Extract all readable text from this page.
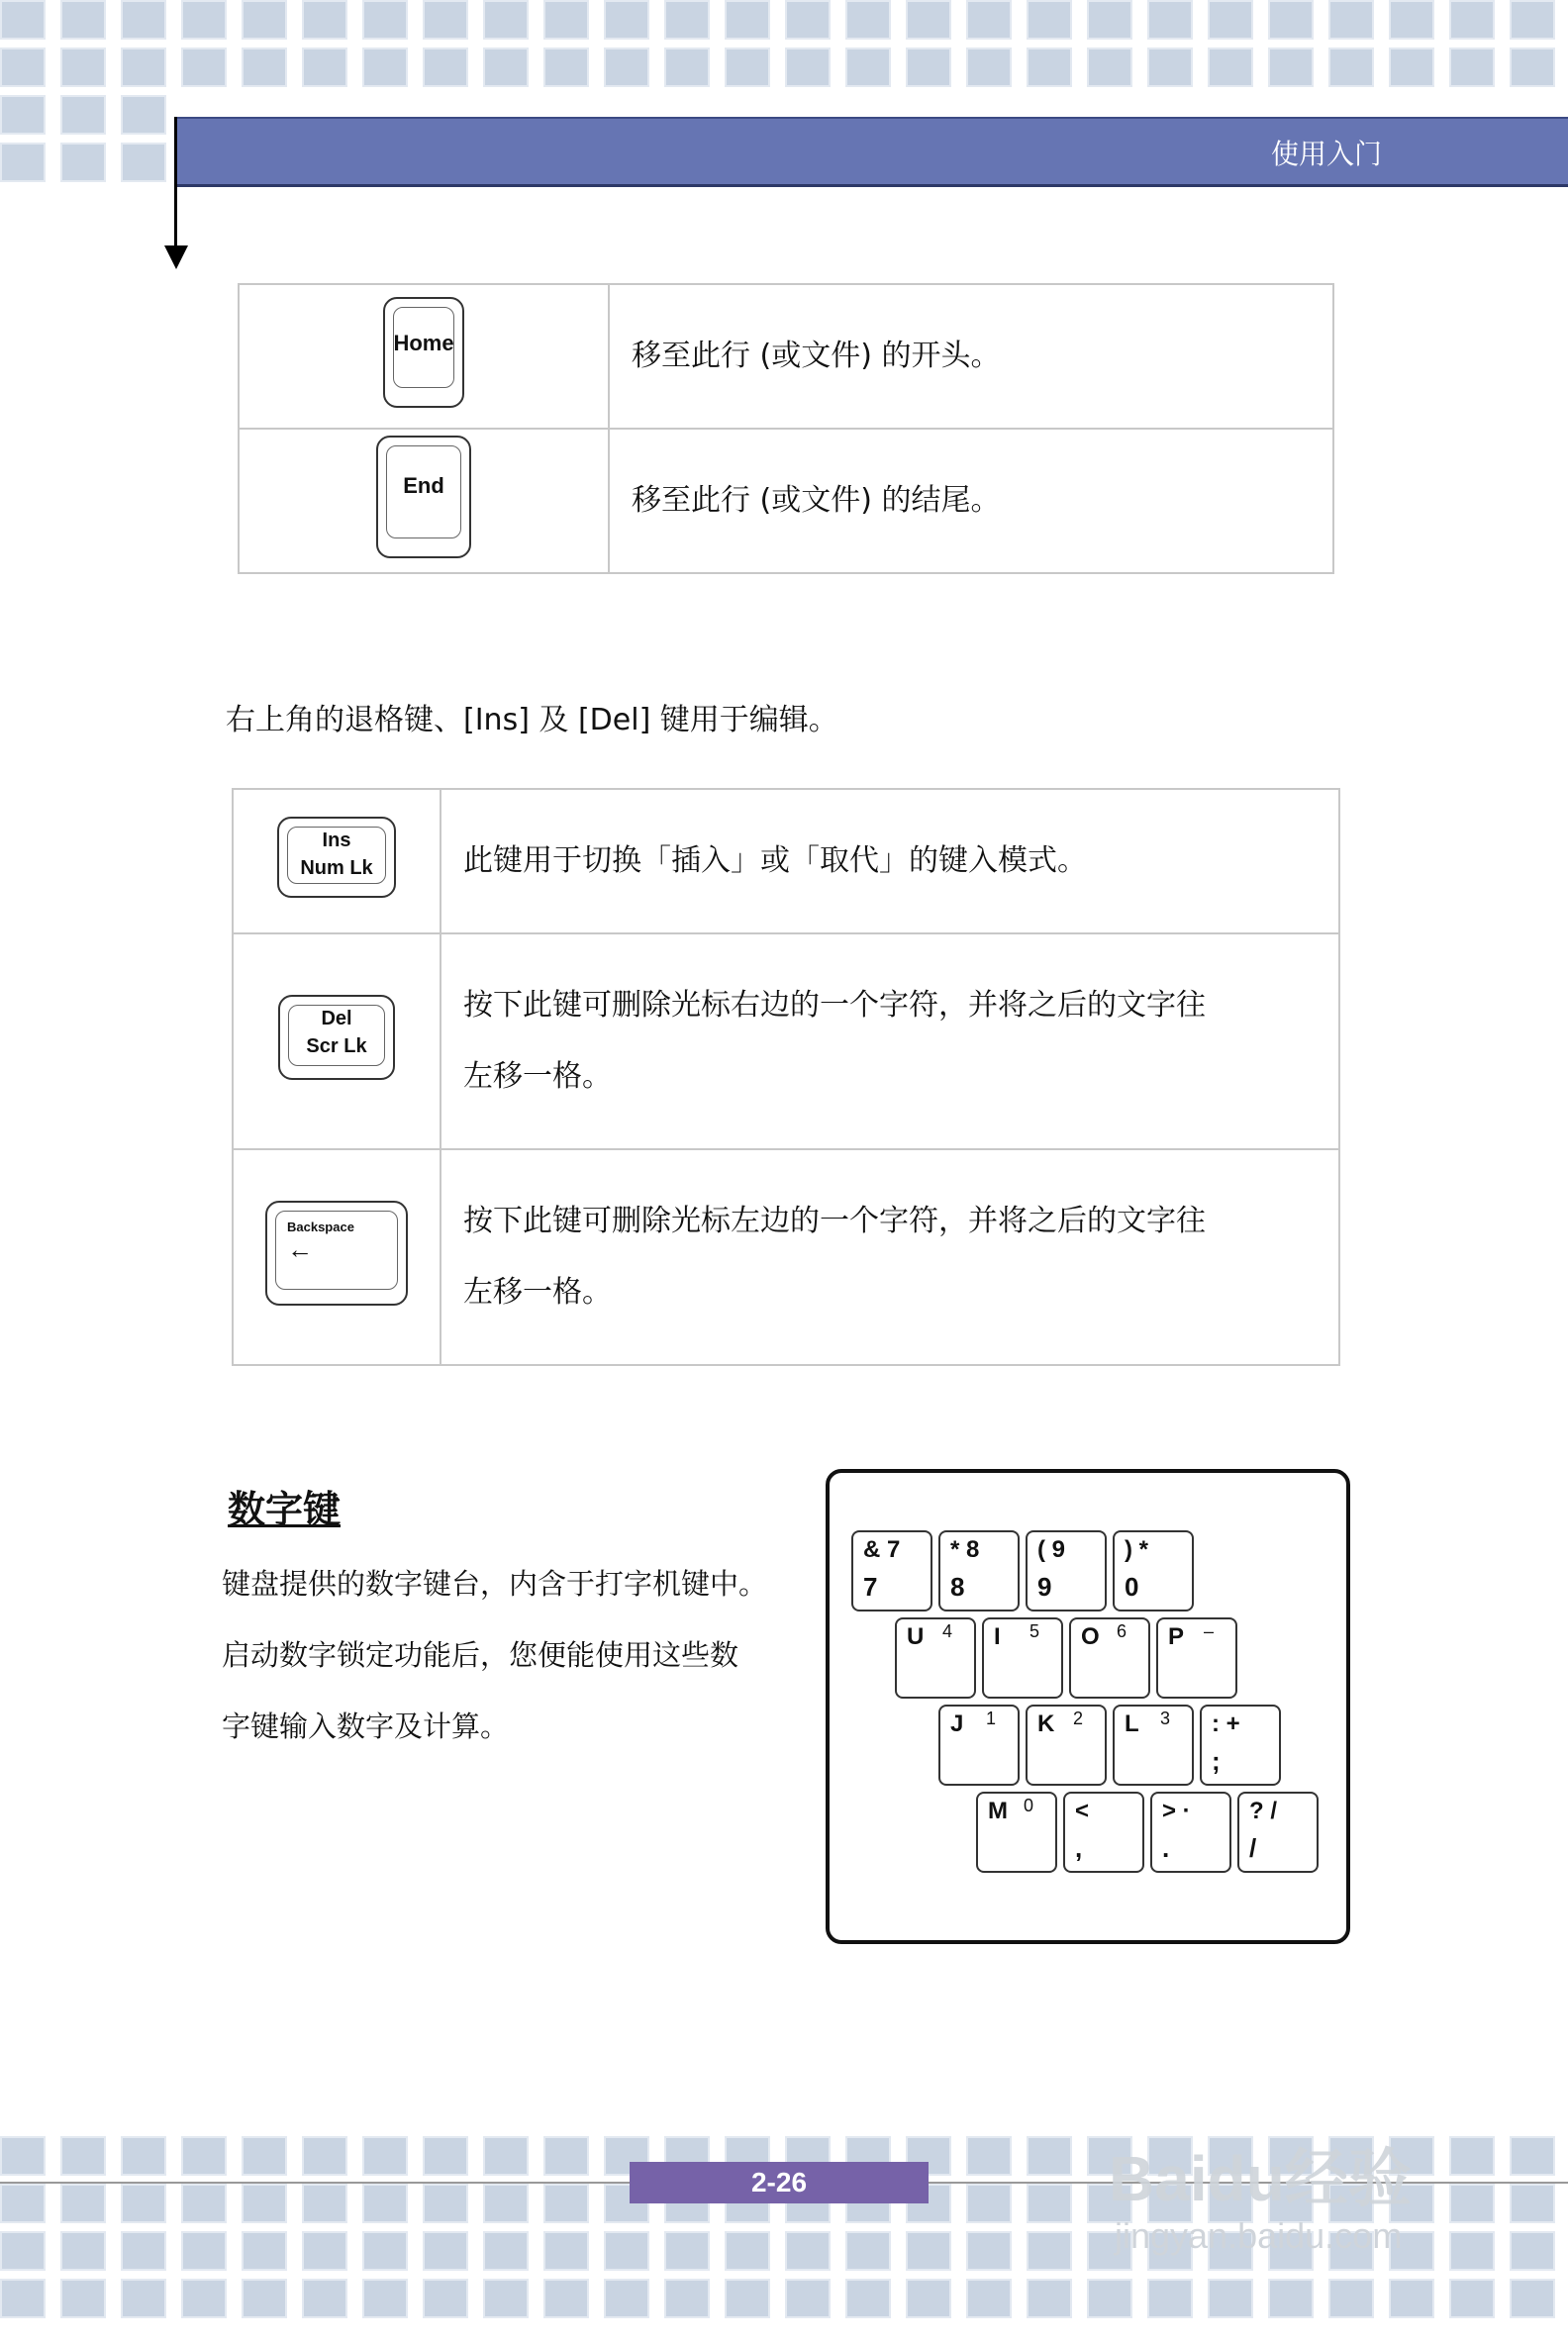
使用入门
Home	移至此行 (或文件) 的开头。

End	移至此行 (或文件) 的结尾。
右上角的退格键、[Ins] 及 [Del] 键用于编辑。
Ins
Num Lk	此键用于切换「插入」或「取代」的键入模式。

Del
Scr Lk	按下此键可删除光标右边的一个字符，并将之后的文字往
左移一格。

Backspace
←	按下此键可删除光标左边的一个字符，并将之后的文字往
左移一格。
数字键
键盘提供的数字键台，内含于打字机键中。
启动数字锁定功能后，您便能使用这些数
字键输入数字及计算。
& 7
7
* 8
8
( 9
9
) *
0
U 4 I 5 O 6 P –
J 1 K 2 L 3 : +
;
M 0 <
,
> ·
.
? /
/
2-26	Baidu经验
jingyan.baidu.com
